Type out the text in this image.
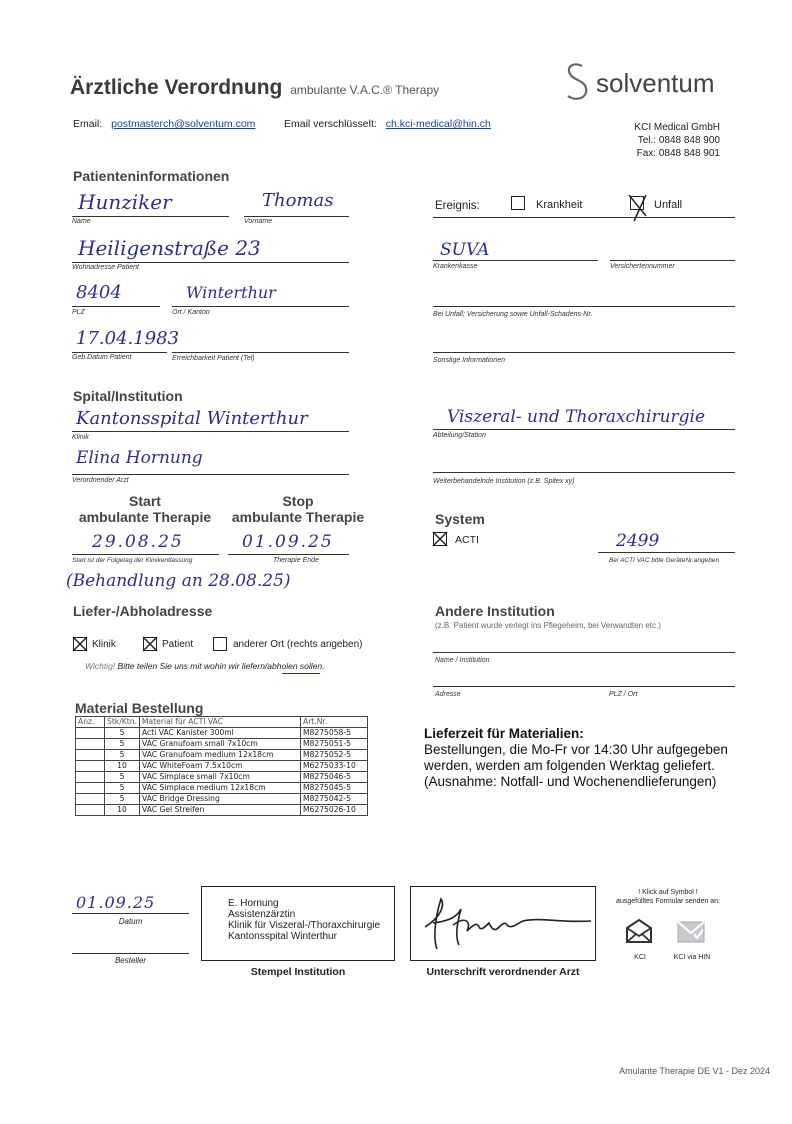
Ärztliche Verordnung ambulante V.A.C.® Therapy	solventum
Email: postmasterch@solventum.com	Email verschlüsselt: ch.kci-medical@hin.ch	KCI Medical GmbH
Tel.: 0848 848 900
Fax: 0848 848 901
Patienteninformationen
Hunziker
Name
Thomas
Vorname
Heiligenstraße 23
Wohnadresse Patient
8404
PLZ
Winterthur
Ort / Kanton
17.04.1983
Geb.Datum Patient	Erreichbarkeit Patient (Tel)
Ereignis:	Krankheit	Unfall
SUVA
Krankenkasse	Versichertennummer
Bei Unfall; Versicherung sowie Unfall-Schadens-Nr.
Sonstige Informationen
Spital/Institution
Kantonsspital Winterthur
Klinik
Elina Hornung
Verordnender Arzt
Viszeral- und Thoraxchirurgie
Abteilung/Station
Weiterbehandelnde Institution (z.B. Spitex xy)
Start
ambulante Therapie
Stop
ambulante Therapie
29.08.25
Start ist der Folgetag der Klinikentlassung
01.09.25
Therapie Ende
(Behandlung an 28.08.25)
System
ACTI	2499
Bei ACTI VAC bitte GeräteNr.angeben
Liefer-/Abholadresse
Klinik	Patient	anderer Ort (rechts angeben)
Wichtig! Bitte teilen Sie uns mit wohin wir liefern/abholen sollen.
Andere Institution
(z.B. Patient wurde verlegt ins Pflegeheim, bei Verwandten etc.)
Name / Institution
Adresse	PLZ / Ort
Material Bestellung
Anz.	Stk/Ktn.	Material für ACTI VAC	Art.Nr.
	5	Acti VAC Kanister 300ml	M8275058-5
	5	VAC Granufoam small 7x10cm	M8275051-5
	5	VAC Granufoam medium 12x18cm	M8275052-5
	10	VAC WhiteFoam 7.5x10cm	M6275033-10
	5	VAC Simplace small 7x10cm	M8275046-5
	5	VAC Simplace medium 12x18cm	M8275045-5
	5	VAC Bridge Dressing	M8275042-5
	10	VAC Gel Streifen	M6275026-10
Lieferzeit für Materialien:
Bestellungen, die Mo-Fr vor 14:30 Uhr aufgegeben
werden, werden am folgenden Werktag geliefert.
(Ausnahme: Notfall- und Wochenendlieferungen)
01.09.25
Datum
Besteller
E. Hornung
Assistenzärztin
Klinik für Viszeral-/Thoraxchirurgie
Kantonsspital Winterthur
Stempel Institution	Unterschrift verordnender Arzt
! Klick auf Symbol !
ausgefülltes Formular senden an:
KCI	KCI via HIN
Amulante Therapie DE V1 - Dez 2024
